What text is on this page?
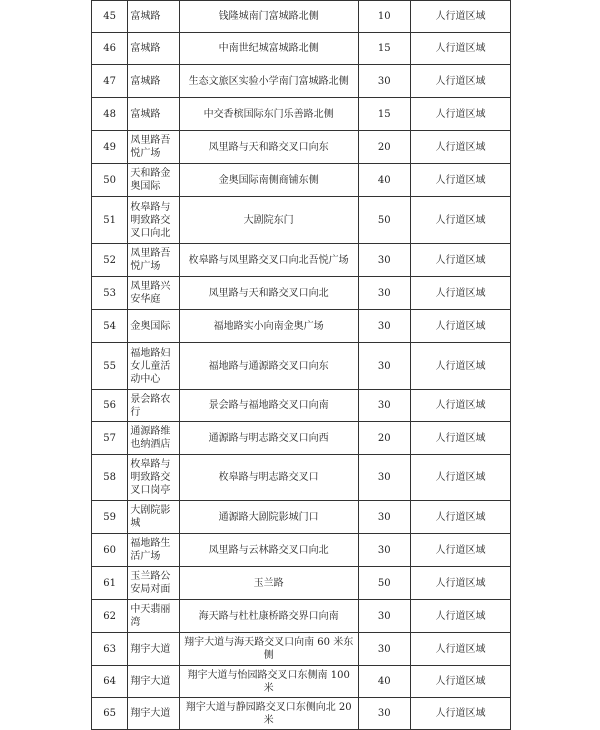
45	富城路	钱隆城南门富城路北侧	10	人行道区域
46	富城路	中南世纪城富城路北侧	15	人行道区域
47	富城路	生态文旅区实验小学南门富城路北侧	30	人行道区域
48	富城路	中交香槟国际东门乐善路北侧	15	人行道区域
49	凤里路吾悦广场	凤里路与天和路交叉口向东	20	人行道区域
50	天和路金奥国际	金奥国际南侧商铺东侧	40	人行道区域
51	枚皋路与明致路交叉口向北	大剧院东门	50	人行道区域
52	凤里路吾悦广场	枚皋路与凤里路交叉口向北吾悦广场	30	人行道区域
53	凤里路兴安华庭	凤里路与天和路交叉口向北	30	人行道区域
54	金奥国际	福地路实小向南金奥广场	30	人行道区域
55	福地路妇女儿童活动中心	福地路与通源路交叉口向东	30	人行道区域
56	景会路农行	景会路与福地路交叉口向南	30	人行道区域
57	通源路维也纳酒店	通源路与明志路交叉口向西	20	人行道区域
58	枚皋路与明致路交叉口岗亭	枚皋路与明志路交叉口	30	人行道区域
59	大剧院影城	通源路大剧院影城门口	30	人行道区域
60	福地路生活广场	凤里路与云林路交叉口向北	30	人行道区域
61	玉兰路公安局对面	玉兰路	50	人行道区域
62	中天翡丽湾	海天路与杜杜康桥路交界口向南	30	人行道区域
63	翔宇大道	翔宇大道与海天路交叉口向南 60 米东侧	30	人行道区域
64	翔宇大道	翔宇大道与怡园路交叉口东侧南 100 米	40	人行道区域
65	翔宇大道	翔宇大道与静园路交叉口东侧向北 20 米	30	人行道区域
